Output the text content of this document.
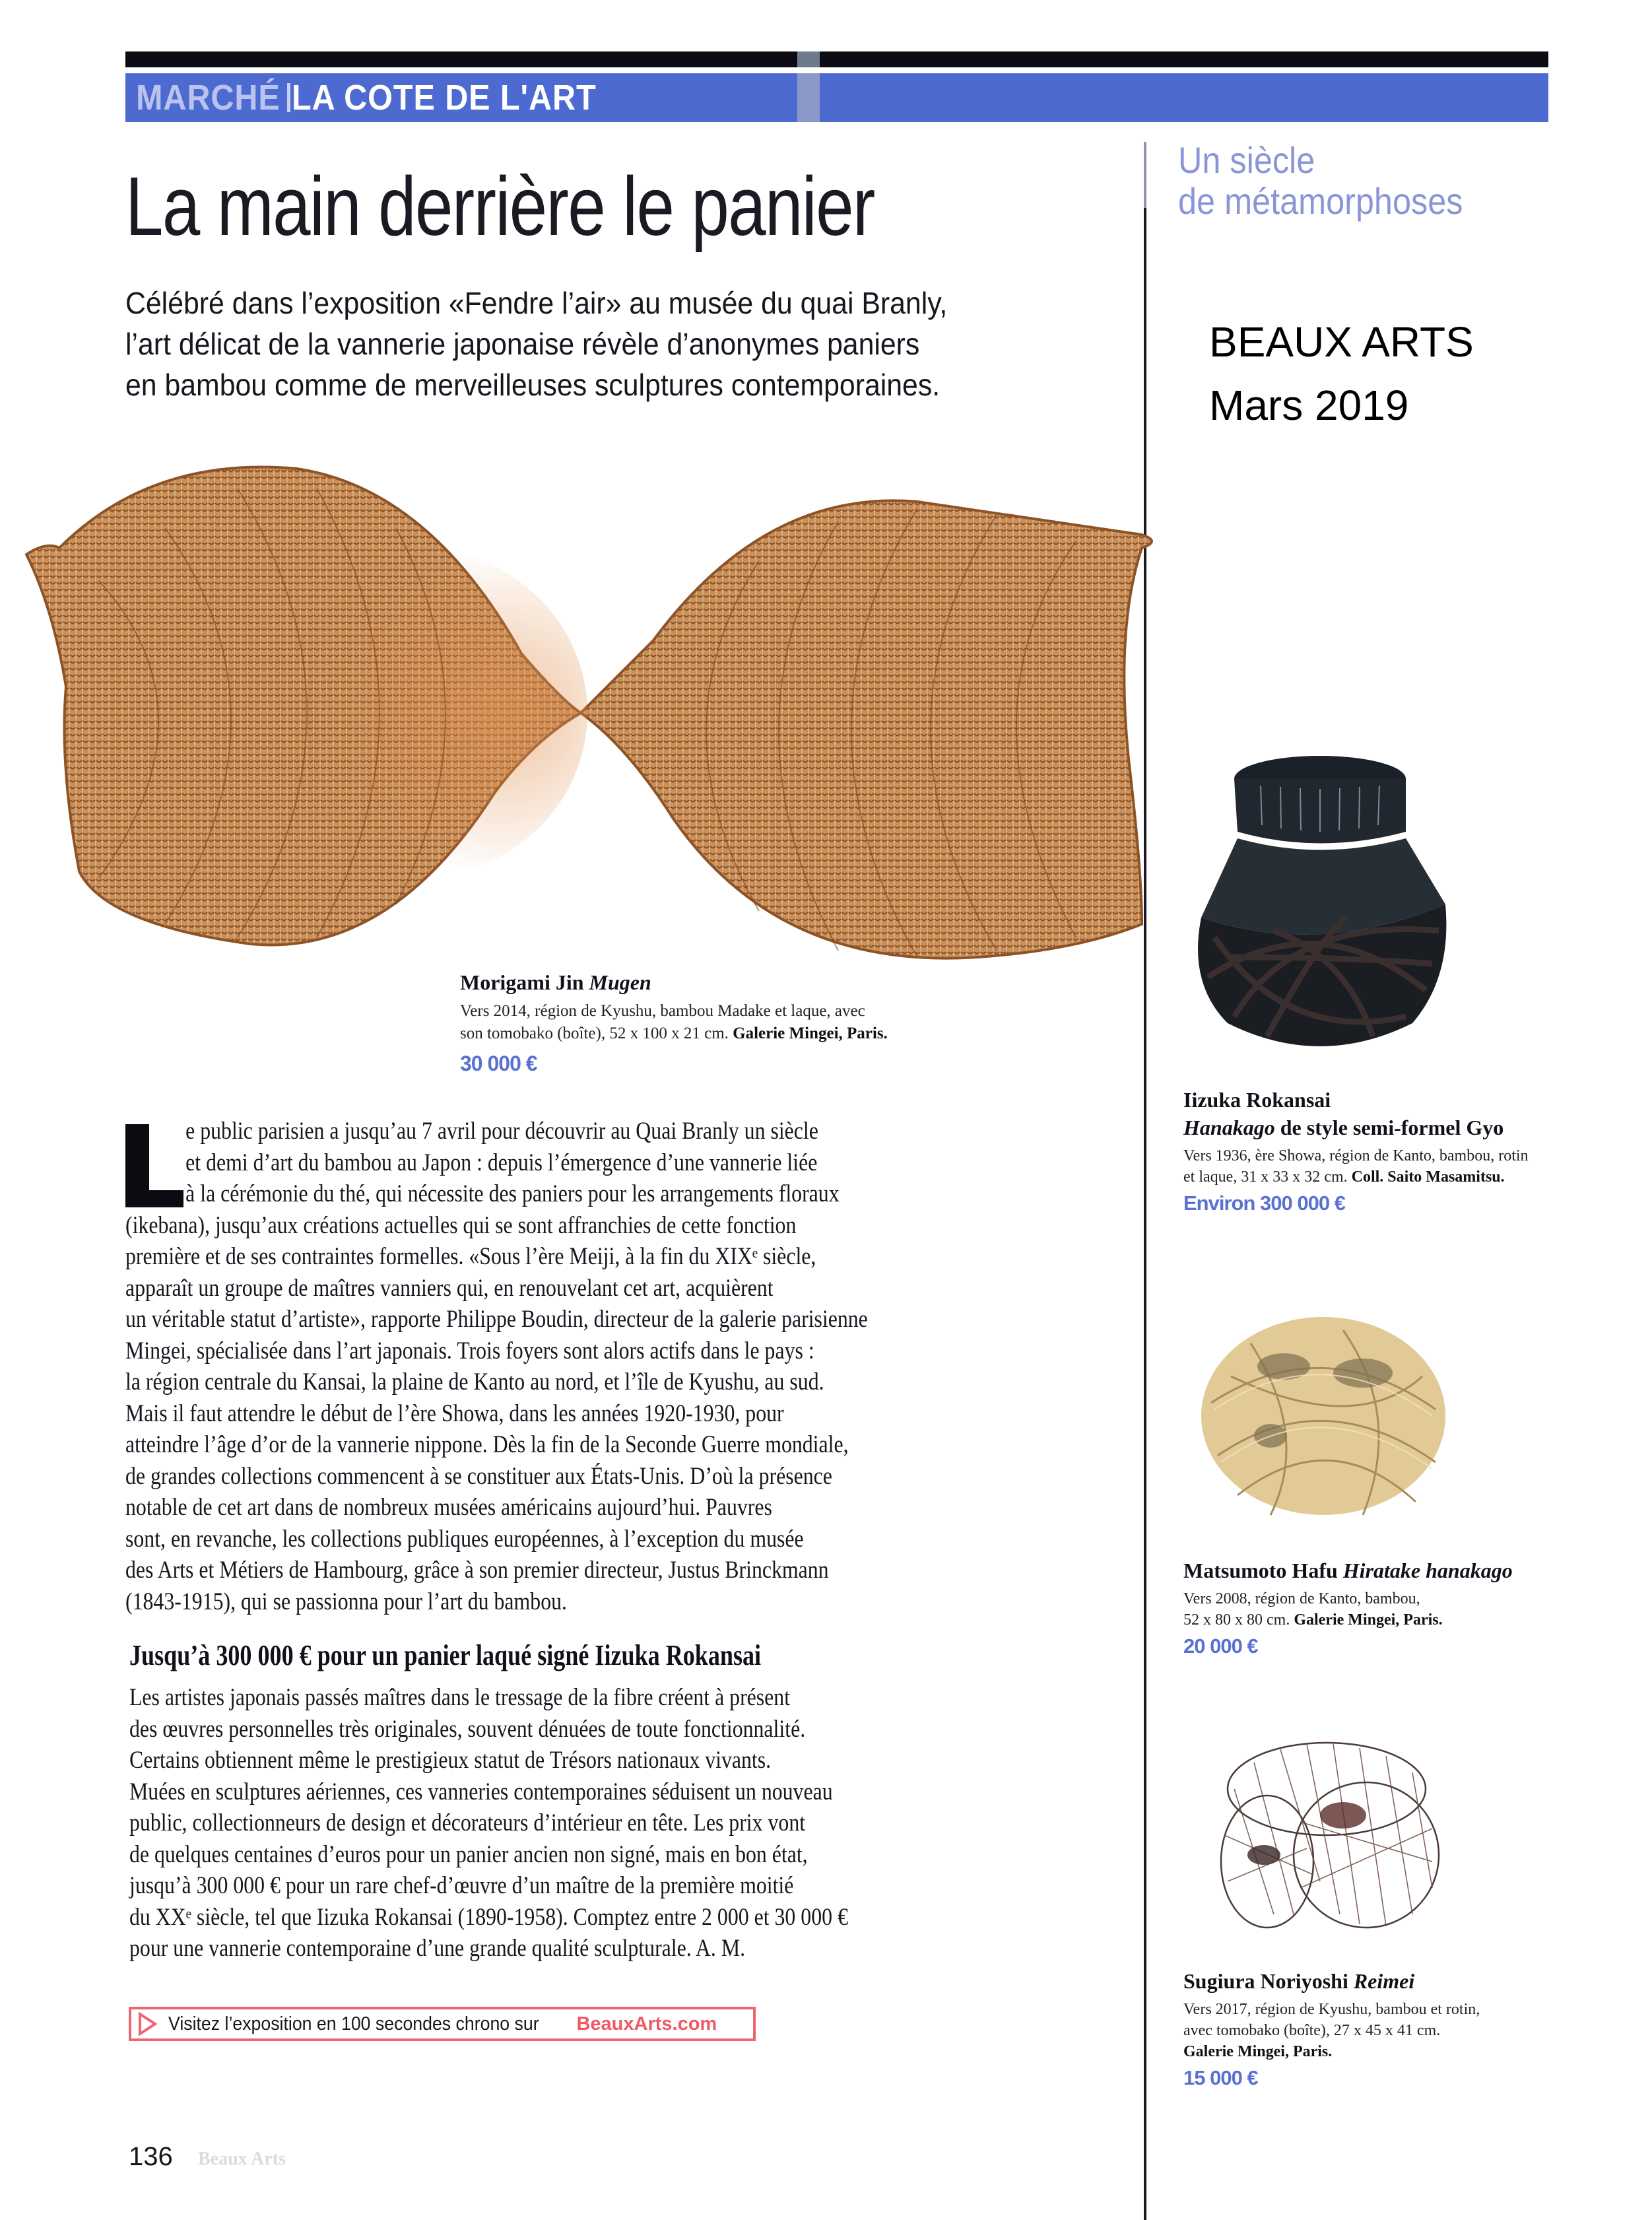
MARCHÉ LA COTE DE L'ART
La main derrière le panier
Célébré dans l’exposition «Fendre l’air» au musée du quai Branly,
l’art délicat de la vannerie japonaise révèle d’anonymes paniers
en bambou comme de merveilleuses sculptures contemporaines.
Un siècle
de métamorphoses
BEAUX ARTS
Mars 2019
Morigami Jin Mugen
Vers 2014, région de Kyushu, bambou Madake et laque, avec
son tomobako (boîte), 52 x 100 x 21 cm. Galerie Mingei, Paris.
30 000 €
e public parisien a jusqu’au 7 avril pour découvrir au Quai Branly un siècle
et demi d’art du bambou au Japon : depuis l’émergence d’une vannerie liée
à la cérémonie du thé, qui nécessite des paniers pour les arrangements floraux
(ikebana), jusqu’aux créations actuelles qui se sont affranchies de cette fonction
première et de ses contraintes formelles. «Sous l’ère Meiji, à la fin du XIXᵉ siècle,
apparaît un groupe de maîtres vanniers qui, en renouvelant cet art, acquièrent
un véritable statut d’artiste», rapporte Philippe Boudin, directeur de la galerie parisienne
Mingei, spécialisée dans l’art japonais. Trois foyers sont alors actifs dans le pays :
la région centrale du Kansai, la plaine de Kanto au nord, et l’île de Kyushu, au sud.
Mais il faut attendre le début de l’ère Showa, dans les années 1920-1930, pour
atteindre l’âge d’or de la vannerie nippone. Dès la fin de la Seconde Guerre mondiale,
de grandes collections commencent à se constituer aux États-Unis. D’où la présence
notable de cet art dans de nombreux musées américains aujourd’hui. Pauvres
sont, en revanche, les collections publiques européennes, à l’exception du musée
des Arts et Métiers de Hambourg, grâce à son premier directeur, Justus Brinckmann
(1843-1915), qui se passionna pour l’art du bambou.
Jusqu’à 300 000 € pour un panier laqué signé Iizuka Rokansai
Les artistes japonais passés maîtres dans le tressage de la fibre créent à présent
des œuvres personnelles très originales, souvent dénuées de toute fonctionnalité.
Certains obtiennent même le prestigieux statut de Trésors nationaux vivants.
Muées en sculptures aériennes, ces vanneries contemporaines séduisent un nouveau
public, collectionneurs de design et décorateurs d’intérieur en tête. Les prix vont
de quelques centaines d’euros pour un panier ancien non signé, mais en bon état,
jusqu’à 300 000 € pour un rare chef-d’œuvre d’un maître de la première moitié
du XXᵉ siècle, tel que Iizuka Rokansai (1890-1958). Comptez entre 2 000 et 30 000 €
pour une vannerie contemporaine d’une grande qualité sculpturale. A. M.
Visitez l’exposition en 100 secondes chrono sur BeauxArts.com
136 Beaux Arts
Iizuka Rokansai
Hanakago de style semi-formel Gyo
Vers 1936, ère Showa, région de Kanto, bambou, rotin
et laque, 31 x 33 x 32 cm. Coll. Saito Masamitsu.
Environ 300 000 €
Matsumoto Hafu Hiratake hanakago
Vers 2008, région de Kanto, bambou,
52 x 80 x 80 cm. Galerie Mingei, Paris.
20 000 €
Sugiura Noriyoshi Reimei
Vers 2017, région de Kyushu, bambou et rotin,
avec tomobako (boîte), 27 x 45 x 41 cm.
Galerie Mingei, Paris.
15 000 €
